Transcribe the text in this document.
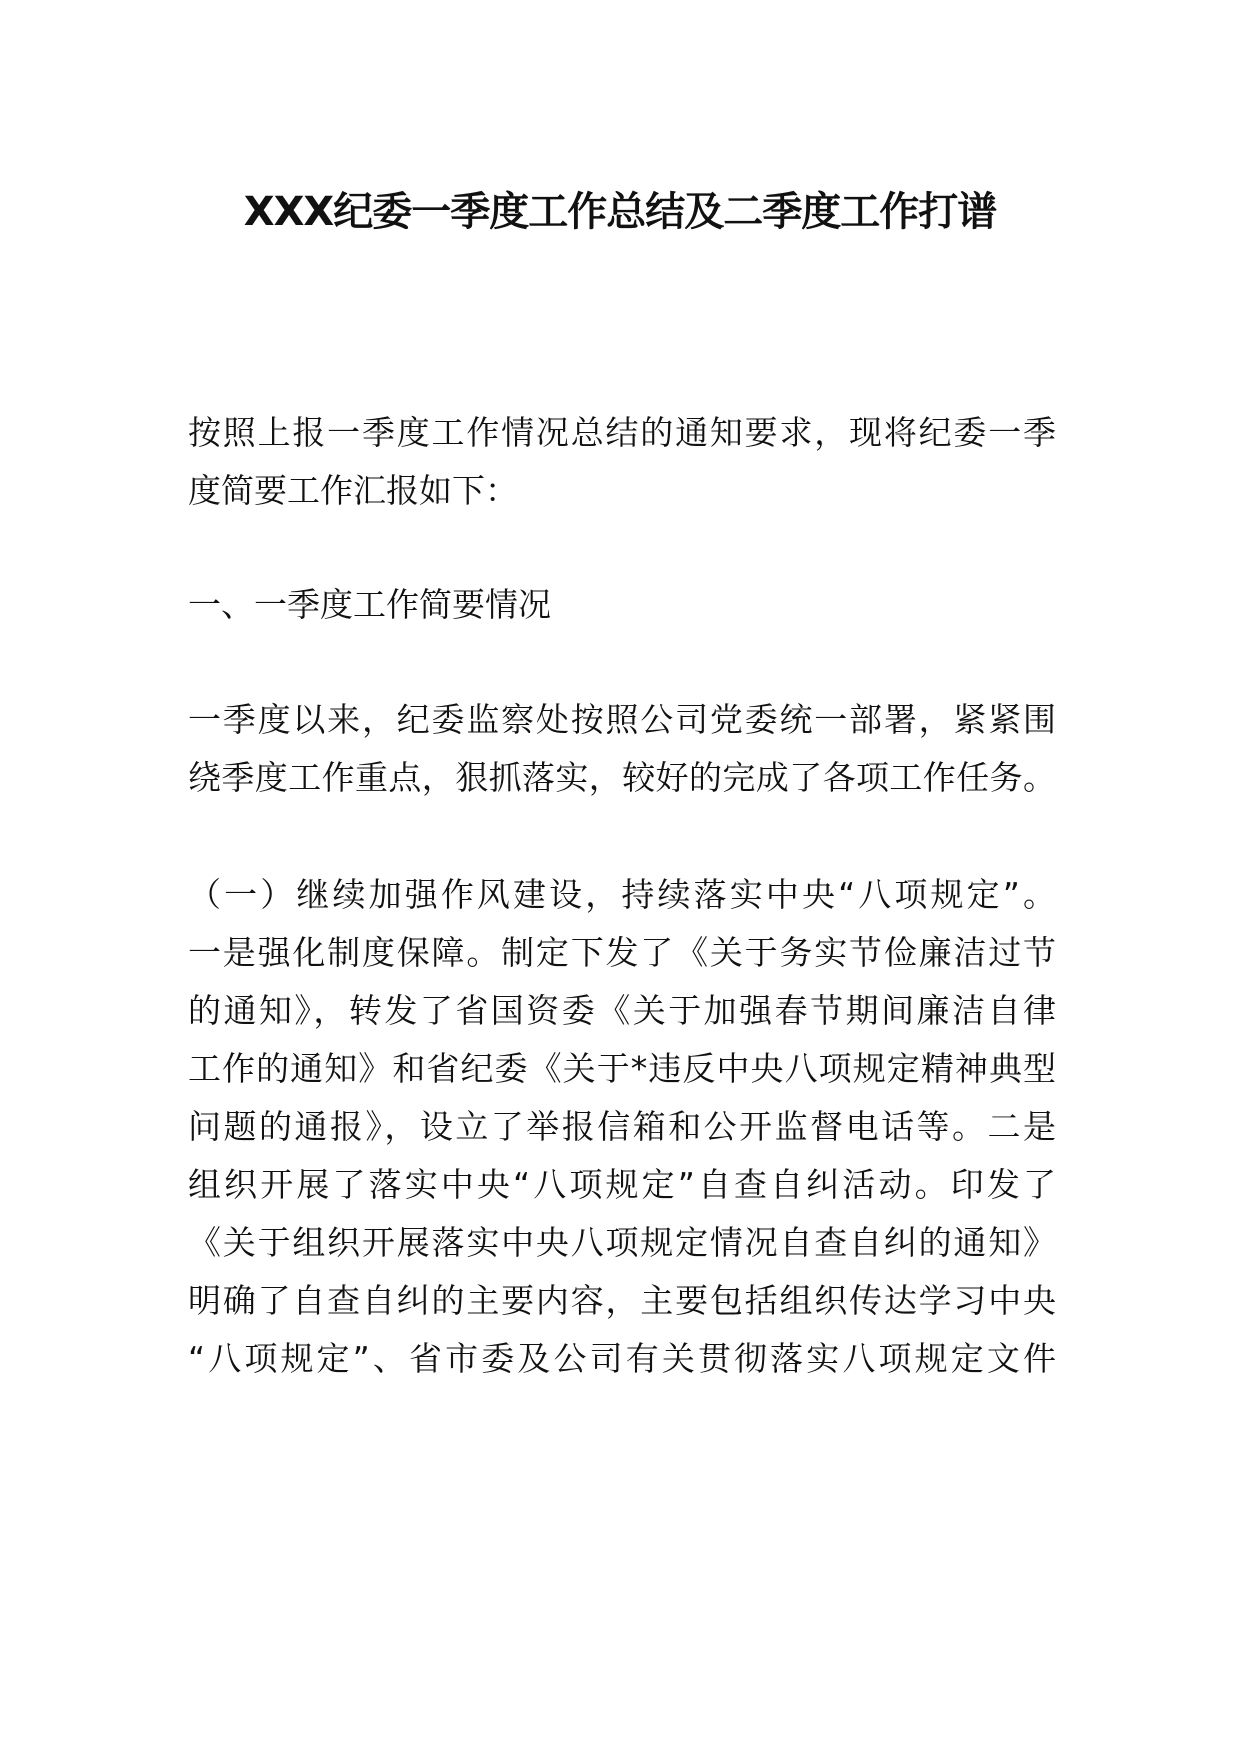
XXX纪委一季度工作总结及二季度工作打谱
按照上报一季度工作情况总结的通知要求，现将纪委一季
度简要工作汇报如下：
一、一季度工作简要情况
一季度以来，纪委监察处按照公司党委统一部署，紧紧围
绕季度工作重点，狠抓落实，较好的完成了各项工作任务。
（一）继续加强作风建设，持续落实中央“八项规定”。
一是强化制度保障。制定下发了《关于务实节俭廉洁过节
的通知》，转发了省国资委《关于加强春节期间廉洁自律
工作的通知》和省纪委《关于*违反中央八项规定精神典型
问题的通报》，设立了举报信箱和公开监督电话等。二是
组织开展了落实中央“八项规定”自查自纠活动。印发了
《关于组织开展落实中央八项规定情况自查自纠的通知》
明确了自查自纠的主要内容，主要包括组织传达学习中央
“八项规定”、省市委及公司有关贯彻落实八项规定文件
